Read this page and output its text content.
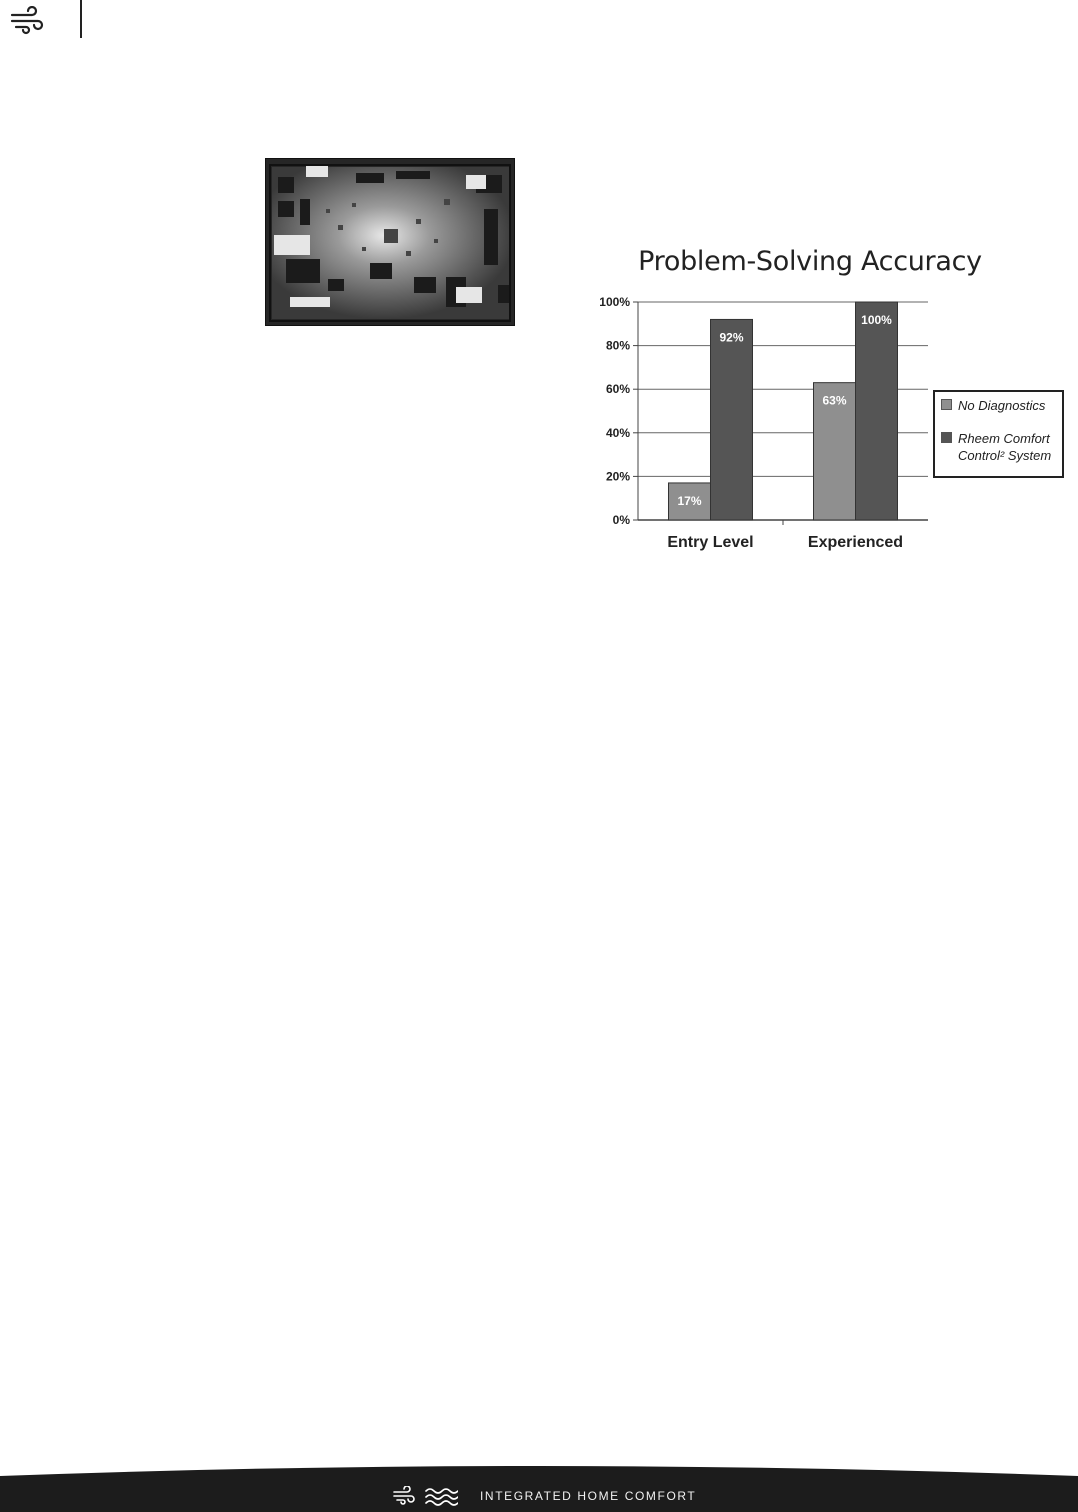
Problem-Solving Accuracy
0%
20%
40%
60%
80%
100%
17%
92%
Entry Level
63%
100%
Experienced
No Diagnostics
Rheem Comfort
Control² System
INTEGRATED HOME COMFORT
